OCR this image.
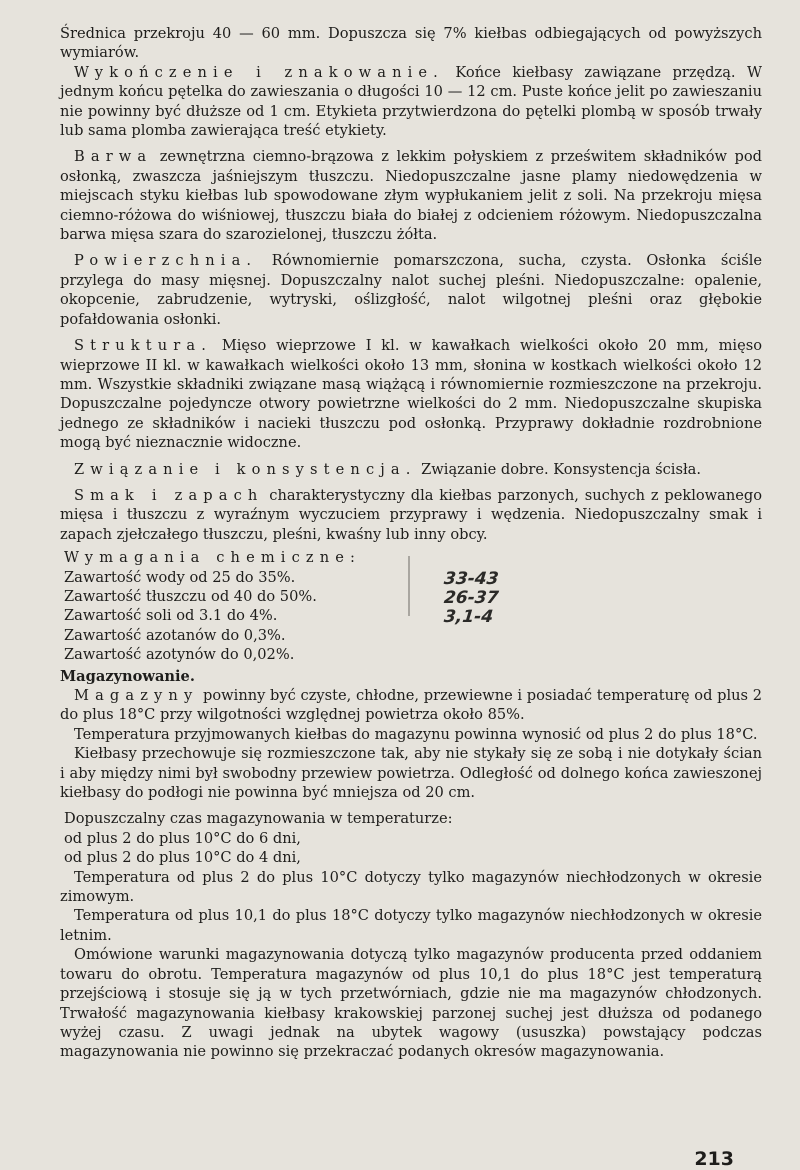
Średnica przekroju 40 — 60 mm. Dopuszcza się 7% kiełbas odbiegających od powyższych wymiarów.

Wykończenie i znakowanie. Końce kiełbasy zawiązane przędzą. W jednym końcu pętelka do zawieszania o długości 10 — 12 cm. Puste końce jelit po zawieszaniu nie powinny być dłuższe od 1 cm. Etykieta przytwierdzona do pętelki plombą w sposób trwały lub sama plomba zawierająca treść etykiety.

Barwa zewnętrzna ciemno-brązowa z lekkim połyskiem z prześwitem składników pod osłonką, zwaszcza jaśniejszym tłuszczu. Niedopuszczalne jasne plamy niedowędzenia w miejscach styku kiełbas lub spowodowane złym wypłukaniem jelit z soli. Na przekroju mięsa ciemno-różowa do wiśniowej, tłuszczu biała do białej z odcieniem różowym. Niedopuszczalna barwa mięsa szara do szarozielonej, tłuszczu żółta.

Powierzchnia. Równomiernie pomarszczona, sucha, czysta. Osłonka ściśle przylega do masy mięsnej. Dopuszczalny nalot suchej pleśni. Niedopuszczalne: opalenie, okopcenie, zabrudzenie, wytryski, oślizgłość, nalot wilgotnej pleśni oraz głębokie pofałdowania osłonki.

Struktura. Mięso wieprzowe I kl. w kawałkach wielkości około 20 mm, mięso wieprzowe II kl. w kawałkach wielkości około 13 mm, słonina w kostkach wielkości około 12 mm. Wszystkie składniki związane masą wiążącą i równomiernie rozmieszczone na przekroju. Dopuszczalne pojedyncze otwory powietrzne wielkości do 2 mm. Niedopuszczalne skupiska jednego ze składników i nacieki tłuszczu pod osłonką. Przyprawy dokładnie rozdrobnione mogą być nieznacznie widoczne.

Związanie i konsystencja. Związanie dobre. Konsystencja ścisła.

Smak i zapach charakterystyczny dla kiełbas parzonych, suchych z peklowanego mięsa i tłuszczu z wyraźnym wyczuciem przyprawy i wędzenia. Niedopuszczalny smak i zapach zjełczałego tłuszczu, pleśni, kwaśny lub inny obcy.

Wymagania chemiczne:

Zawartość wody od 25 do 35%.

Zawartość tłuszczu od 40 do 50%.

Zawartość soli od 3.1 do 4%.

Zawartość azotanów do 0,3%.

Zawartość azotynów do 0,02%.

33-43
26-37
3,1-4
Magazynowanie.

Magazyny powinny być czyste, chłodne, przewiewne i posiadać temperaturę od plus 2 do plus 18°C przy wilgotności względnej powietrza około 85%.

Temperatura przyjmowanych kiełbas do magazynu powinna wynosić od plus 2 do plus 18°C.

Kiełbasy przechowuje się rozmieszczone tak, aby nie stykały się ze sobą i nie dotykały ścian i aby między nimi był swobodny przewiew powietrza. Odległość od dolnego końca zawieszonej kiełbasy do podłogi nie powinna być mniejsza od 20 cm.

Dopuszczalny czas magazynowania w temperaturze:

od plus 2 do plus 10°C do 6 dni,

od plus 2 do plus 10°C do 4 dni,

Temperatura od plus 2 do plus 10°C dotyczy tylko magazynów niechłodzonych w okresie zimowym.

Temperatura od plus 10,1 do plus 18°C dotyczy tylko magazynów niechłodzonych w okresie letnim.

Omówione warunki magazynowania dotyczą tylko magazynów producenta przed oddaniem towaru do obrotu. Temperatura magazynów od plus 10,1 do plus 18°C jest temperaturą przejściową i stosuje się ją w tych przetwórniach, gdzie nie ma magazynów chłodzonych. Trwałość magazynowania kiełbasy krakowskiej parzonej suchej jest dłuższa od podanego wyżej czasu. Z uwagi jednak na ubytek wagowy (ususzka) powstający podczas magazynowania nie powinno się przekraczać podanych okresów magazynowania.

213
